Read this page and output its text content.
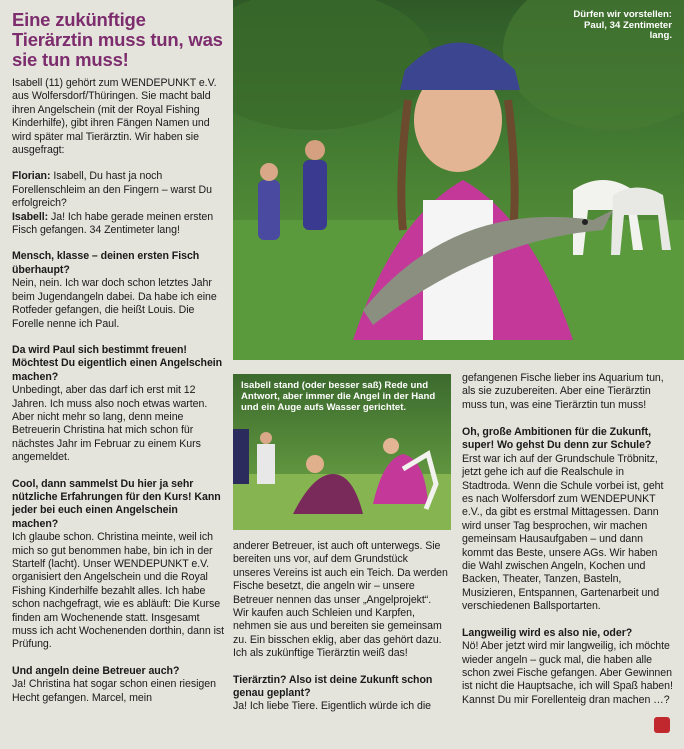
Eine zukünftige Tierärztin muss tun, was sie tun muss!

Isabell (11) gehört zum WENDEPUNKT e.V. aus Wolfersdorf/Thüringen. Sie macht bald ihren Angelschein (mit der Royal Fishing Kinderhilfe), gibt ihren Fängen Namen und wird später mal Tierärztin. Wir haben sie ausgefragt:

Florian: Isabell, Du hast ja noch Forellenschleim an den Fingern – warst Du erfolgreich?
Isabell: Ja! Ich habe gerade meinen ersten Fisch gefangen. 34 Zentimeter lang!

Mensch, klasse – deinen ersten Fisch überhaupt?
Nein, nein. Ich war doch schon letztes Jahr beim Jugendangeln dabei. Da habe ich eine Rotfeder gefangen, die heißt Louis. Die Forelle nenne ich Paul.

Da wird Paul sich bestimmt freuen! Möchtest Du eigentlich einen Angelschein machen?
Unbedingt, aber das darf ich erst mit 12 Jahren. Ich muss also noch etwas warten. Aber nicht mehr so lang, denn meine Betreuerin Christina hat mich schon für nächstes Jahr im Februar zu einem Kurs angemeldet.

Cool, dann sammelst Du hier ja sehr nützliche Erfahrungen für den Kurs! Kann jeder bei euch einen Angelschein machen?
Ich glaube schon. Christina meinte, weil ich mich so gut benommen habe, bin ich in der Startelf (lacht). Unser WENDEPUNKT e.V. organisiert den Angelschein und die Royal Fishing Kinderhilfe bezahlt alles. Ich habe schon nachgefragt, wie es abläuft: Die Kurse finden am Wochenende statt. Insgesamt muss ich acht Wochenenden dorthin, dann ist Prüfung.

Und angeln deine Betreuer auch?
Ja! Christina hat sogar schon einen riesigen Hecht gefangen. Marcel, mein

Dürfen wir vorstellen: Paul, 34 Zentimeter lang.
Isabell stand (oder besser saß) Rede und Antwort, aber immer die Angel in der Hand und ein Auge aufs Wasser gerichtet.

gefangenen Fische lieber ins Aquarium tun, als sie zuzubereiten. Aber eine Tierärztin muss tun, was eine Tierärztin tun muss!

anderer Betreuer, ist auch oft unterwegs. Sie bereiten uns vor, auf dem Grundstück unseres Vereins ist auch ein Teich. Da werden Fische besetzt, die angeln wir – unsere Betreuer nennen das unser „Angelprojekt“. Wir kaufen auch Schleien und Karpfen, nehmen sie aus und bereiten sie gemeinsam zu. Ein bisschen eklig, aber das gehört dazu. Ich als zukünftige Tierärztin weiß das!

Tierärztin? Also ist deine Zukunft schon genau geplant?
Ja! Ich liebe Tiere. Eigentlich würde ich die

Oh, große Ambitionen für die Zukunft, super! Wo gehst Du denn zur Schule?
Erst war ich auf der Grundschule Tröbnitz, jetzt gehe ich auf die Realschule in Stadtroda. Wenn die Schule vorbei ist, geht es nach Wolfersdorf zum WENDEPUNKT e.V., da gibt es erstmal Mittagessen. Dann wird unser Tag besprochen, wir machen gemeinsam Hausaufgaben – und dann kommt das Beste, unsere AGs. Wir haben die Wahl zwischen Angeln, Kochen und Backen, Theater, Tanzen, Basteln, Musizieren, Entspannen, Gartenarbeit und verschiedenen Ballsportarten.

Langweilig wird es also nie, oder?
Nö! Aber jetzt wird mir langweilig, ich möchte wieder angeln – guck mal, die haben alle schon zwei Fische gefangen. Aber Gewinnen ist nicht die Hauptsache, ich will Spaß haben! Kannst Du mir Forellenteig dran machen …?
